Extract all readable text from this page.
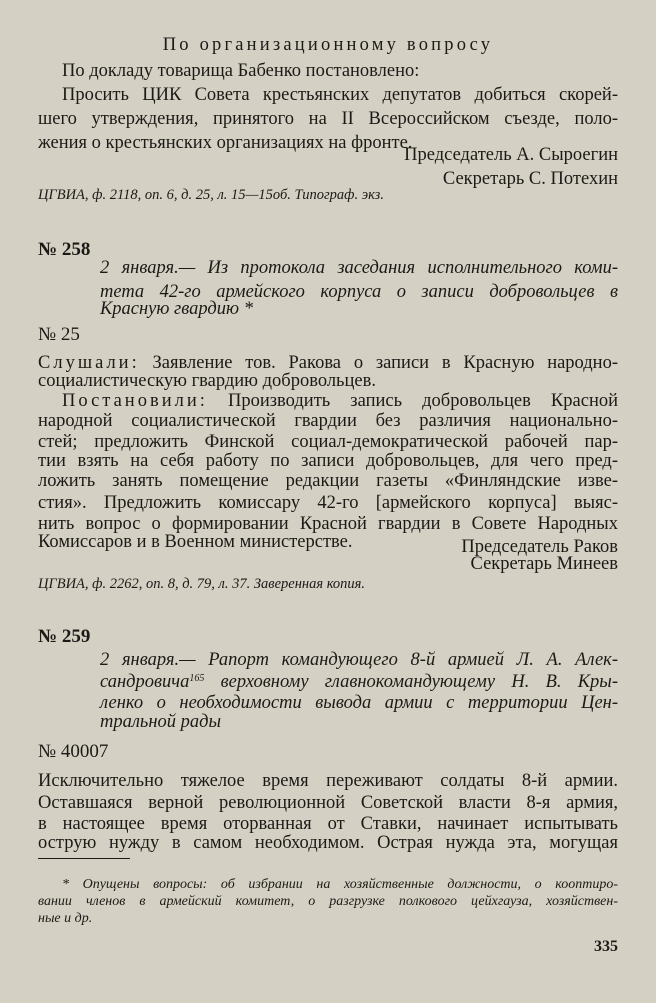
По организационному вопросу
По докладу товарища Бабенко постановлено:
Просить ЦИК Совета крестьянских депутатов добиться скорей-
шего утверждения, принятого на II Всероссийском съезде, поло-
жения о крестьянских организациях на фронте.
Председатель А. Сыроегин
Секретарь С. Потехин
ЦГВИА, ф. 2118, оп. 6, д. 25, л. 15—15об. Типограф. экз.
№ 258
2 января.— Из протокола заседания исполнительного коми-
тета 42-го армейского корпуса о записи добровольцев в
Красную гвардию *
№ 25
Слушали: Заявление тов. Ракова о записи в Красную народно-
социалистическую гвардию добровольцев.
Постановили: Производить запись добровольцев Красной
народной социалистической гвардии без различия национально-
стей; предложить Финской социал-демократической рабочей пар-
тии взять на себя работу по записи добровольцев, для чего пред-
ложить занять помещение редакции газеты «Финляндские изве-
стия». Предложить комиссару 42-го [армейского корпуса] выяс-
нить вопрос о формировании Красной гвардии в Совете Народных
Комиссаров и в Военном министерстве.	Председатель Раков
Секретарь Минеев
ЦГВИА, ф. 2262, оп. 8, д. 79, л. 37. Заверенная копия.
№ 259
2 января.— Рапорт командующего 8-й армией Л. А. Алек-
сандровича$^{165}$ верховному главнокомандующему Н. В. Кры-
ленко о необходимости вывода армии с территории Цен-
тральной рады
№ 40007
Исключительно тяжелое время переживают солдаты 8-й армии.
Оставшаяся верной революционной Советской власти 8-я армия,
в настоящее время оторванная от Ставки, начинает испытывать
острую нужду в самом необходимом. Острая нужда эта, могущая
* Опущены вопросы: об избрании на хозяйственные должности, о кооптиро-
вании членов в армейский комитет, о разгрузке полкового цейхгауза, хозяйствен-
ные и др.
335
